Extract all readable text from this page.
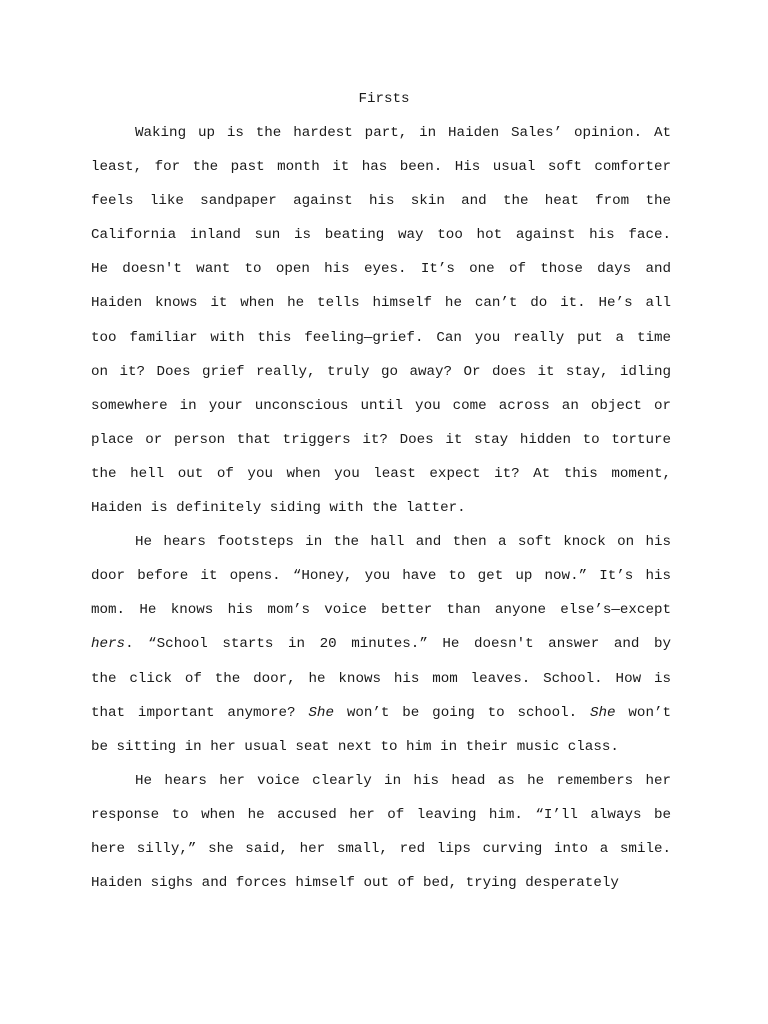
Firsts
Waking up is the hardest part, in Haiden Sales’ opinion. At
least, for the past month it has been. His usual soft comforter
feels like sandpaper against his skin and the heat from the
California inland sun is beating way too hot against his face.
He doesn't want to open his eyes. It’s one of those days and
Haiden knows it when he tells himself he can’t do it. He’s all
too familiar with this feeling—grief. Can you really put a time
on it? Does grief really, truly go away? Or does it stay, idling
somewhere in your unconscious until you come across an object or
place or person that triggers it? Does it stay hidden to torture
the hell out of you when you least expect it? At this moment,
Haiden is definitely siding with the latter.
He hears footsteps in the hall and then a soft knock on his
door before it opens. “Honey, you have to get up now.” It’s his
mom. He knows his mom’s voice better than anyone else’s—except
hers. “School starts in 20 minutes.” He doesn't answer and by
the click of the door, he knows his mom leaves. School. How is
that important anymore? She won’t be going to school. She won’t
be sitting in her usual seat next to him in their music class.
He hears her voice clearly in his head as he remembers her
response to when he accused her of leaving him. “I’ll always be
here silly,” she said, her small, red lips curving into a smile.
Haiden sighs and forces himself out of bed, trying desperately
